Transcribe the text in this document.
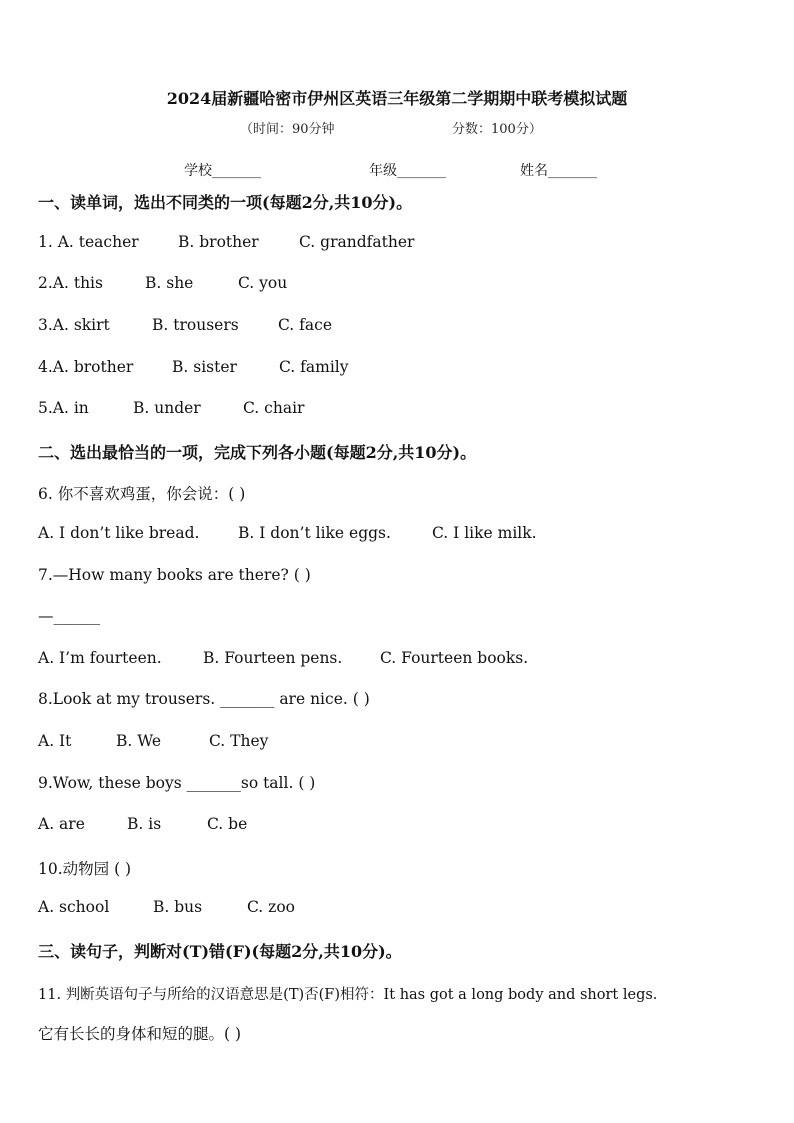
2024届新疆哈密市伊州区英语三年级第二学期期中联考模拟试题
（时间：90分钟	分数：100分）
学校_______	年级_______	姓名_______
一、读单词，选出不同类的一项(每题2分,共10分)。
1. A. teacher	B. brother	C. grandfather
2.A. this	B. she	C. you
3.A. skirt	B. trousers	C. face
4.A. brother B. sister	C. family
5.A. in	B. under	C. chair
二、选出最恰当的一项，完成下列各小题(每题2分,共10分)。
6. 你不喜欢鸡蛋，你会说：( )
A. I don’t like bread. B. I don’t like eggs.	C. I like milk.
7.—How many books are there? ( )
—______
A. I’m fourteen.	B. Fourteen pens. C. Fourteen books.
8.Look at my trousers. _______ are nice. ( )
A. It	B. We	C. They
9.Wow, these boys _______so tall. ( )
A. are	B. is	C. be
10.动物园 ( )
A. school	B. bus	C. zoo
三、读句子，判断对(T)错(F)(每题2分,共10分)。
11. 判断英语句子与所给的汉语意思是(T)否(F)相符：It has got a long body and short legs.
它有长长的身体和短的腿。( )
